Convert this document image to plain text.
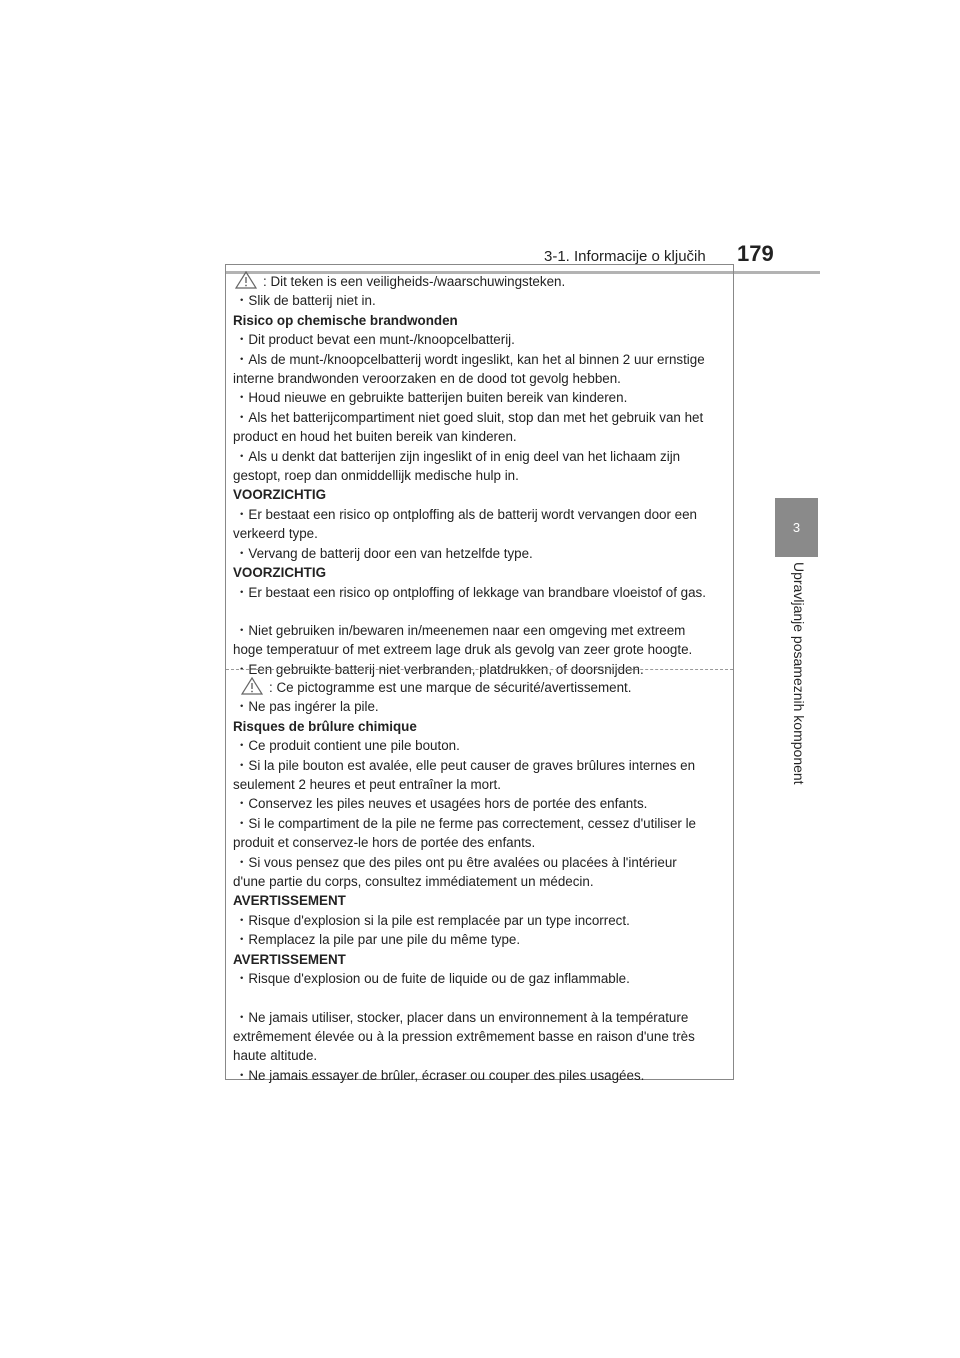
3-1. Informacije o ključih 179
3
Upravljanje posameznih komponent
: Dit teken is een veiligheids-/waarschuwingsteken.
・ Slik de batterij niet in.
Risico op chemische brandwonden
・ Dit product bevat een munt-/knoopcelbatterij.
・ Als de munt-/knoopcelbatterij wordt ingeslikt, kan het al binnen 2 uur ernstige
interne brandwonden veroorzaken en de dood tot gevolg hebben.
・ Houd nieuwe en gebruikte batterijen buiten bereik van kinderen.
・ Als het batterijcompartiment niet goed sluit, stop dan met het gebruik van het
product en houd het buiten bereik van kinderen.
・ Als u denkt dat batterijen zijn ingeslikt of in enig deel van het lichaam zijn
gestopt, roep dan onmiddellijk medische hulp in.
VOORZICHTIG
・ Er bestaat een risico op ontploffing als de batterij wordt vervangen door een
verkeerd type.
・ Vervang de batterij door een van hetzelfde type.
VOORZICHTIG
・ Er bestaat een risico op ontploffing of lekkage van brandbare vloeistof of gas.
・ Niet gebruiken in/bewaren in/meenemen naar een omgeving met extreem
hoge temperatuur of met extreem lage druk als gevolg van zeer grote hoogte.
・ Een gebruikte batterij niet verbranden, platdrukken, of doorsnijden.
: Ce pictogramme est une marque de sécurité/avertissement.
・ Ne pas ingérer la pile.
Risques de brûlure chimique
・ Ce produit contient une pile bouton.
・ Si la pile bouton est avalée, elle peut causer de graves brûlures internes en
seulement 2 heures et peut entraîner la mort.
・ Conservez les piles neuves et usagées hors de portée des enfants.
・ Si le compartiment de la pile ne ferme pas correctement, cessez d'utiliser le
produit et conservez-le hors de portée des enfants.
・ Si vous pensez que des piles ont pu être avalées ou placées à l'intérieur
d'une partie du corps, consultez immédiatement un médecin.
AVERTISSEMENT
・ Risque d'explosion si la pile est remplacée par un type incorrect.
・ Remplacez la pile par une pile du même type.
AVERTISSEMENT
・ Risque d'explosion ou de fuite de liquide ou de gaz inflammable.
・ Ne jamais utiliser, stocker, placer dans un environnement à la température
extrêmement élevée ou à la pression extrêmement basse en raison d'une très
haute altitude.
・ Ne jamais essayer de brûler, écraser ou couper des piles usagées.
